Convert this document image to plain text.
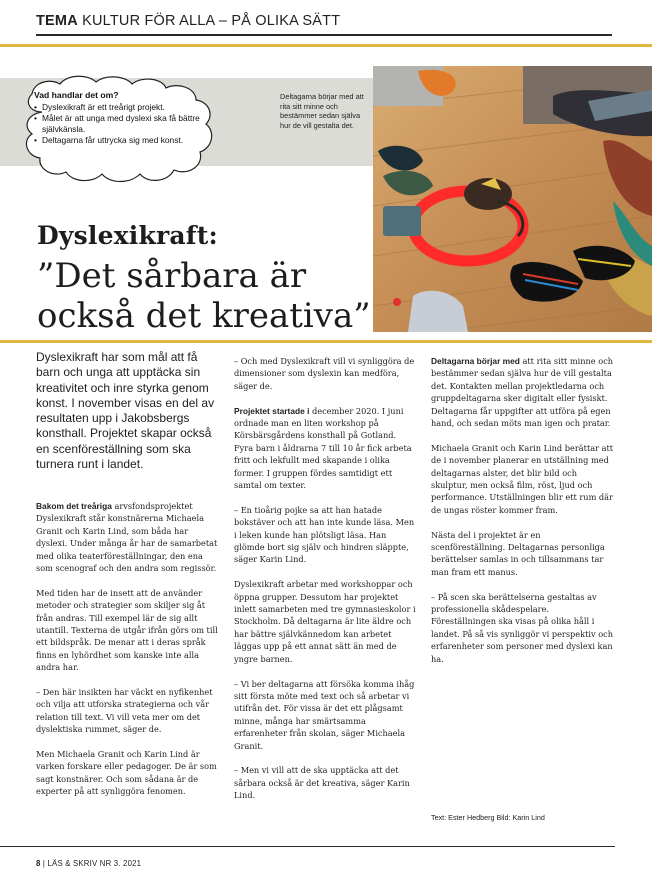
TEMA KULTUR FÖR ALLA – PÅ OLIKA SÄTT
Deltagarna börjar med att rita sitt minne och bestämmer sedan själva hur de vill gestalta det.
Vad handlar det om?
• Dyslexikraft är ett treårigt projekt.
• Målet är att unga med dyslexi ska få bättre självkänsla.
• Deltagarna får uttrycka sig med konst.
Dyslexikraft:
”Det sårbara är också det kreativa”
Dyslexikraft har som mål att få barn och unga att upptäcka sin kreativitet och inre styrka genom konst. I november visas en del av resultaten upp i Jakobsbergs konsthall. Projektet skapar också en scenföreställning som ska turnera runt i landet.

Bakom det treåriga arvsfondsprojektet Dyslexikraft står konstnärerna Michaela Granit och Karin Lind, som båda har dyslexi. Under många år har de samarbetat med olika teaterföreställningar, den ena som scenograf och den andra som regissör.

Med tiden har de insett att de använder metoder och strategier som skiljer sig åt från andras. Till exempel lär de sig allt utantill. Texterna de utgår ifrån görs om till ett bildspråk. De menar att i deras språk finns en lyhördhet som kanske inte alla andra har.

– Den här insikten har väckt en nyfikenhet och vilja att utforska strategierna och vår relation till text. Vi vill veta mer om det dyslektiska rummet, säger de.

Men Michaela Granit och Karin Lind är varken forskare eller pedagoger. De är som sagt konstnärer. Och som sådana är de experter på att synliggöra fenomen.

– Och med Dyslexikraft vill vi synliggöra de dimensioner som dyslexin kan medföra, säger de.

Projektet startade i december 2020. I juni ordnade man en liten workshop på Körsbärsgårdens konsthall på Gotland. Fyra barn i åldrarna 7 till 10 år fick arbeta fritt och lekfullt med skapande i olika former. I gruppen fördes samtidigt ett samtal om texter.

– En tioårig pojke sa att han hatade bokstäver och att han inte kunde läsa. Men i leken kunde han plötsligt läsa. Han glömde bort sig själv och hindren släppte, säger Karin Lind.

Dyslexikraft arbetar med workshoppar och öppna grupper. Dessutom har projektet inlett samarbeten med tre gymnasieskolor i Stockholm. Då deltagarna är lite äldre och har bättre självkännedom kan arbetet läggas upp på ett annat sätt än med de yngre barnen.

– Vi ber deltagarna att försöka komma ihåg sitt första möte med text och så arbetar vi utifrån det. För vissa är det ett plågsamt minne, många har smärtsamma erfarenheter från skolan, säger Michaela Granit.

– Men vi vill att de ska upptäcka att det sårbara också är det kreativa, säger Karin Lind.

Deltagarna börjar med att rita sitt minne och bestämmer sedan själva hur de vill gestalta det. Kontakten mellan projektledarna och gruppdeltagarna sker digitalt eller fysiskt. Deltagarna får uppgifter att utföra på egen hand, och sedan möts man igen och pratar.

Michaela Granit och Karin Lind berättar att de i november planerar en utställning med deltagarnas alster, det blir bild och skulptur, men också film, röst, ljud och performance. Utställningen blir ett rum där de ungas röster kommer fram.

Nästa del i projektet är en scenföreställning. Deltagarnas personliga berättelser samlas in och tillsammans tar man fram ett manus.

– På scen ska berättelserna gestaltas av professionella skådespelare. Föreställningen ska visas på olika håll i landet. På så vis synliggör vi perspektiv och erfarenheter som personer med dyslexi kan ha.

Text: Ester Hedberg Bild: Karin Lind
8 | LÄS & SKRIV NR 3. 2021
